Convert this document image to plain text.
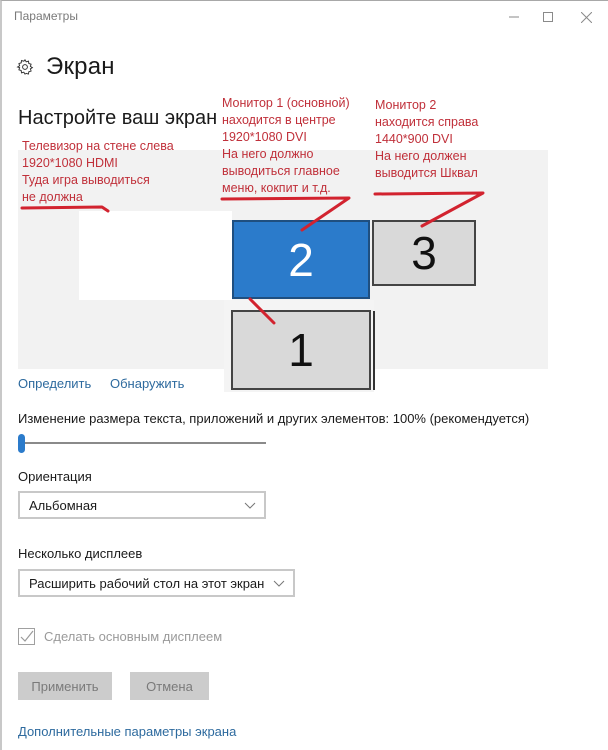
Параметры
Экран
Настройте ваш экран
2 3
1
Телевизор на стене слева
1920*1080 HDMI
Туда игра выводиться
не должна
Монитор 1 (основной)
находится в центре
1920*1080 DVI
На него должно
выводиться главное
меню, кокпит и т.д.
Монитор 2
находится справа
1440*900 DVI
На него должен
выводится Шквал
Определить Обнаружить
Изменение размера текста, приложений и других элементов: 100% (рекомендуется)
Ориентация
Альбомная
Несколько дисплеев
Расширить рабочий стол на этот экран
Сделать основным дисплеем
Применить	Отмена
Дополнительные параметры экрана
